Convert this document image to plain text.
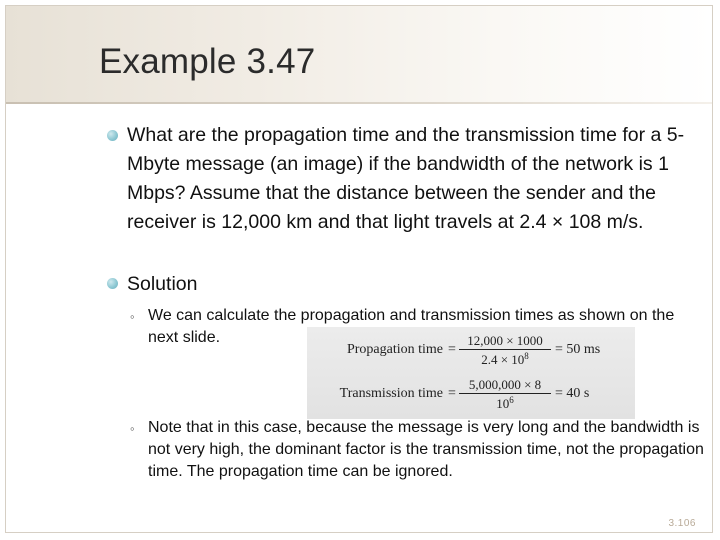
Example 3.47
What are the propagation time and the transmission time for a 5-Mbyte message (an image) if the bandwidth of the network is 1 Mbps? Assume that the distance between the sender and the receiver is 12,000 km and that light travels at 2.4 × 108 m/s.
Solution
◦ We can calculate the propagation and transmission times as shown on the next slide.
Propagation time =
12,000 × 1000
$2.4 \times 10^8$	= 50 ms
Transmission time =
5,000,000 × 8
$10^6$	= 40 s
◦ Note that in this case, because the message is very long and the bandwidth is not very high, the dominant factor is the transmission time, not the propagation time. The propagation time can be ignored.
3.106
